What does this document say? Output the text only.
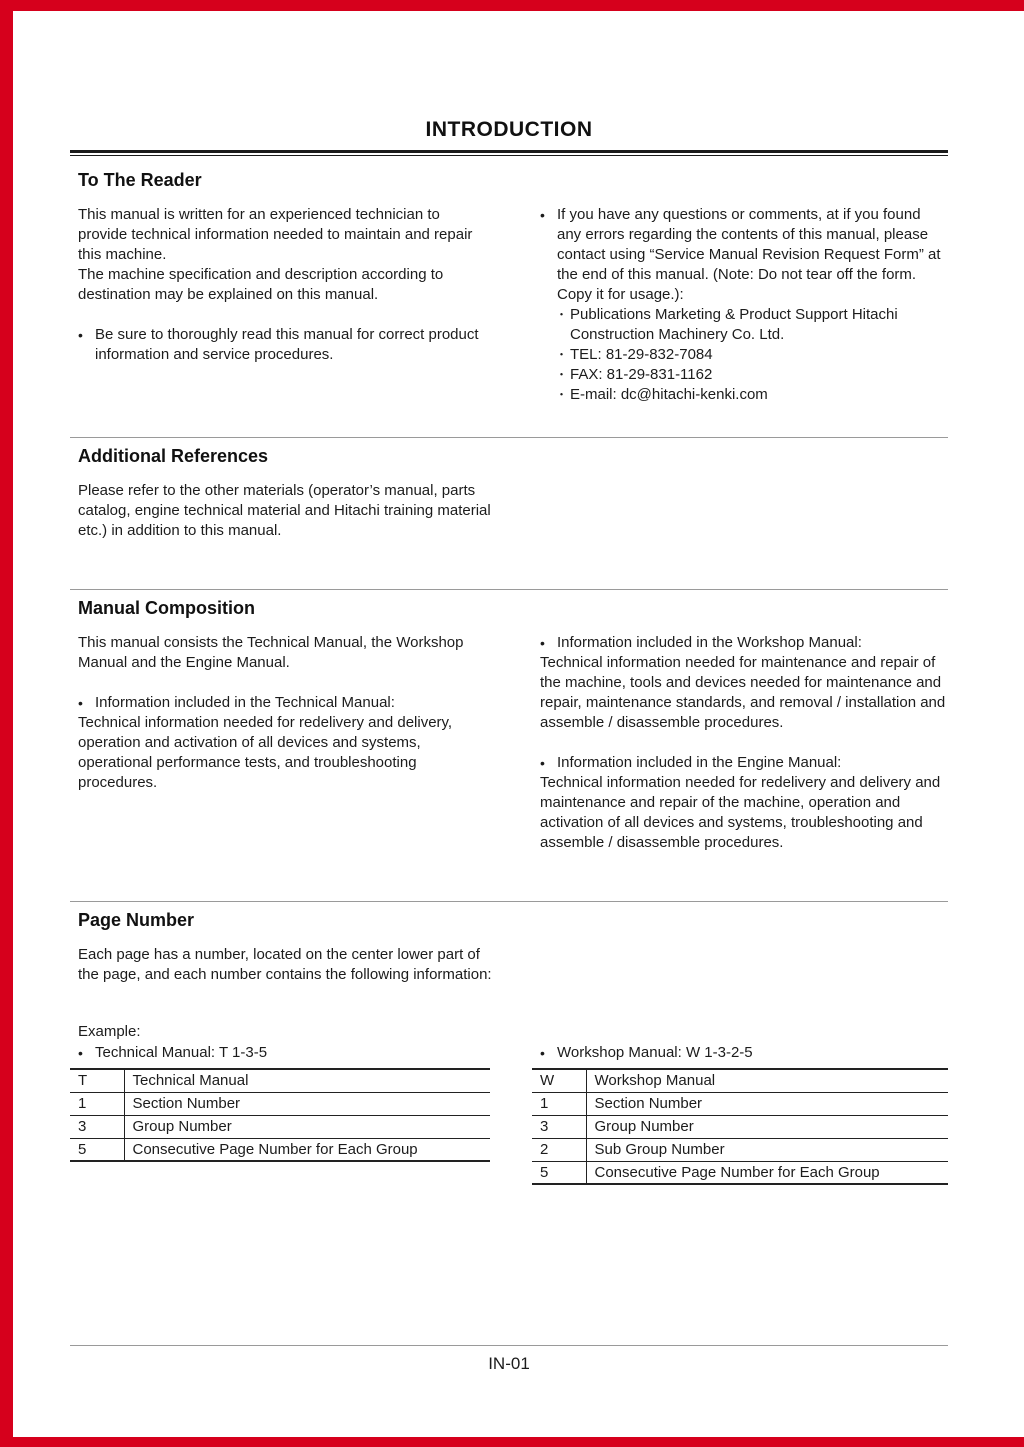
INTRODUCTION
To The Reader

This manual is written for an experienced technician to provide technical information needed to maintain and repair this machine.

The machine specification and description according to destination may be explained on this manual.

• Be sure to thoroughly read this manual for correct product information and service procedures.
• If you have any questions or comments, at if you found any errors regarding the contents of this manual, please contact using “Service Manual Revision Request Form” at the end of this manual. (Note: Do not tear off the form. Copy it for usage.):
・ Publications Marketing & Product Support Hitachi Construction Machinery Co. Ltd.
・ TEL: 81-29-832-7084
・ FAX: 81-29-831-1162
・ E-mail: dc@hitachi-kenki.com
Additional References

Please refer to the other materials (operator’s manual, parts catalog, engine technical material and Hitachi training material etc.) in addition to this manual.

Manual Composition

This manual consists the Technical Manual, the Workshop Manual and the Engine Manual.

• Information included in the Technical Manual:

Technical information needed for redelivery and delivery, operation and activation of all devices and systems, operational performance tests, and troubleshooting procedures.

• Information included in the Workshop Manual:

Technical information needed for maintenance and repair of the machine, tools and devices needed for maintenance and repair, maintenance standards, and removal / installation and assemble / disassemble procedures.

• Information included in the Engine Manual:

Technical information needed for redelivery and delivery and maintenance and repair of the machine, operation and activation of all devices and systems, troubleshooting and assemble / disassemble procedures.

Page Number

Each page has a number, located on the center lower part of the page, and each number contains the following information:

Example:
• Technical Manual: T 1-3-5
T	Technical Manual
1	Section Number
3	Group Number
5	Consecutive Page Number for Each Group
• Workshop Manual: W 1-3-2-5
W	Workshop Manual
1	Section Number
3	Group Number
2	Sub Group Number
5	Consecutive Page Number for Each Group
IN-01
